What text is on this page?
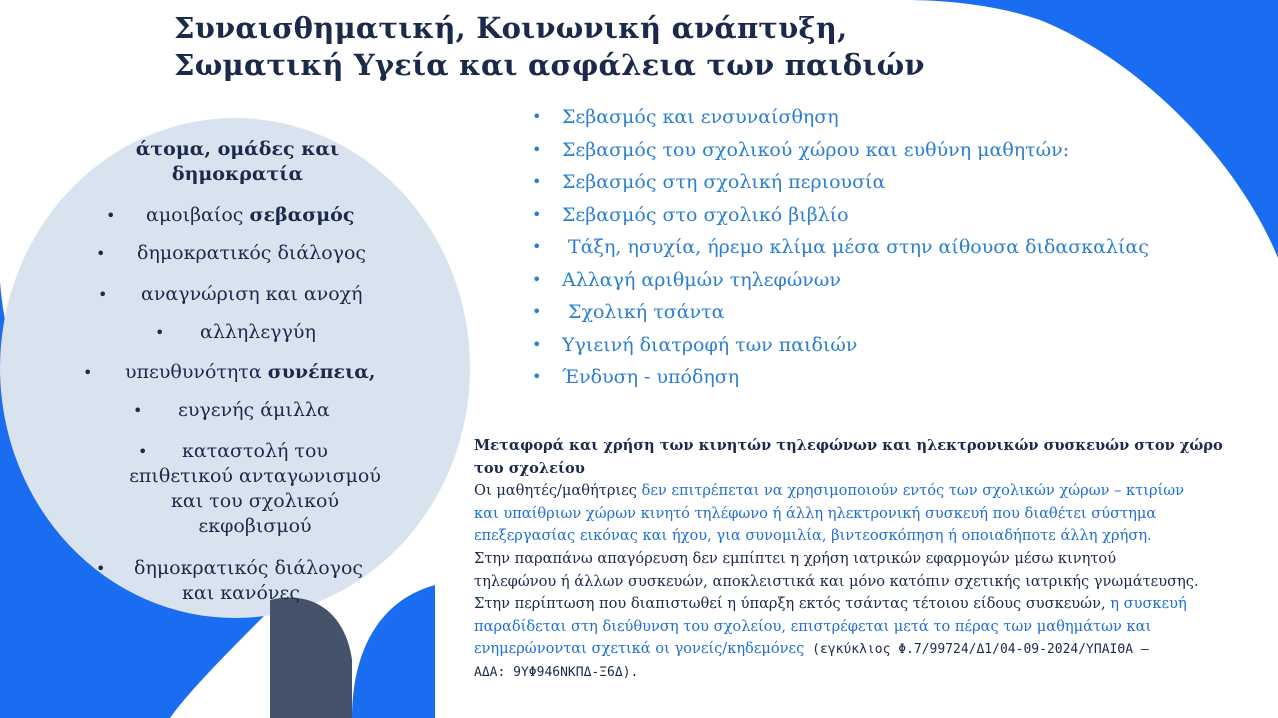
Συναισθηματική, Κοινωνική ανάπτυξη,
Σωματική Υγεία και ασφάλεια των παιδιών
άτομα, ομάδες και
δημοκρατία
• αμοιβαίος σεβασμός
• δημοκρατικός διάλογος
• αναγνώριση και ανοχή
• αλληλεγγύη
• υπευθυνότητα συνέπεια,
• ευγενής άμιλλα
•	καταστολή του
επιθετικού ανταγωνισμού
και του σχολικού
εκφοβισμού
•	δημοκρατικός διάλογος
και κανόνες
• Σεβασμός και ενσυναίσθηση
• Σεβασμός του σχολικού χώρου και ευθύνη μαθητών:
• Σεβασμός στη σχολική περιουσία
• Σεβασμός στο σχολικό βιβλίο
• Τάξη, ησυχία, ήρεμο κλίμα μέσα στην αίθουσα διδασκαλίας
• Αλλαγή αριθμών τηλεφώνων
• Σχολική τσάντα
• Υγιεινή διατροφή των παιδιών
• Ένδυση - υπόδηση
Μεταφορά και χρήση των κινητών τηλεφώνων και ηλεκτρονικών συσκευών στον χώρο
του σχολείου
Οι μαθητές/μαθήτριες δεν επιτρέπεται να χρησιμοποιούν εντός των σχολικών χώρων – κτιρίων
και υπαίθριων χώρων κινητό τηλέφωνο ή άλλη ηλεκτρονική συσκευή που διαθέτει σύστημα
επεξεργασίας εικόνας και ήχου, για συνομιλία, βιντεοσκόπηση ή οποιαδήποτε άλλη χρήση.
Στην παραπάνω απαγόρευση δεν εμπίπτει η χρήση ιατρικών εφαρμογών μέσω κινητού
τηλεφώνου ή άλλων συσκευών, αποκλειστικά και μόνο κατόπιν σχετικής ιατρικής γνωμάτευσης.
Στην περίπτωση που διαπιστωθεί η ύπαρξη εκτός τσάντας τέτοιου είδους συσκευών, η συσκευή
παραδίδεται στη διεύθυνση του σχολείου, επιστρέφεται μετά το πέρας των μαθημάτων και
ενημερώνονται σχετικά οι γονείς/κηδεμόνες (εγκύκλιος Φ.7/99724/Δ1/04-09-2024/ΥΠΑΙΘΑ –
ΑΔΑ: 9ΥΦ946ΝΚΠΔ-Ξ6Δ).
